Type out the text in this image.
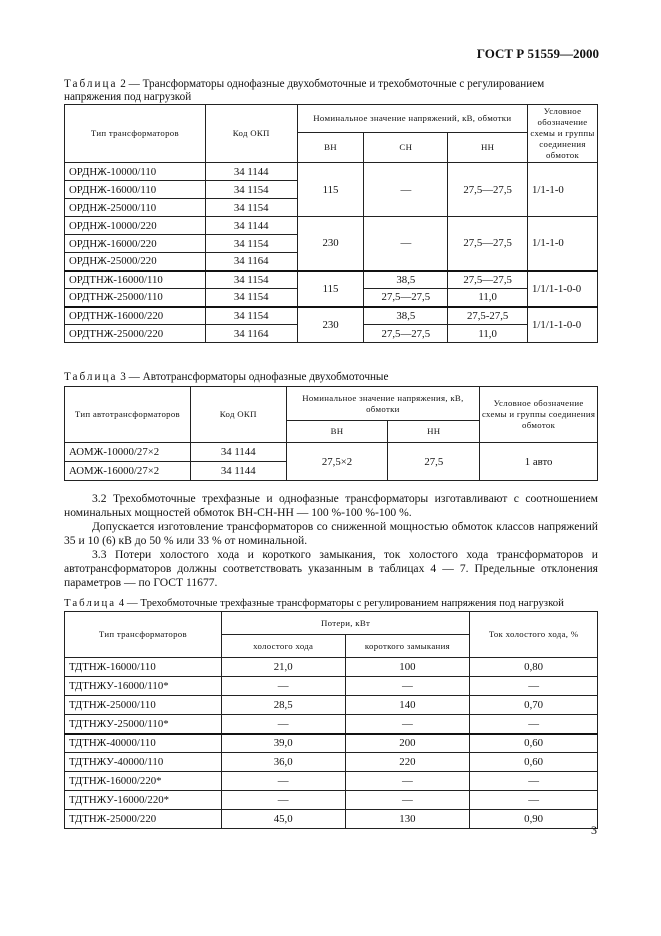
ГОСТ Р 51559—2000
Таблица 2 — Трансформаторы однофазные двухобмоточные и трехобмоточные с регулированием напряжения под нагрузкой
Тип трансформаторов	Код ОКП	Номинальное значение напряжений, кВ, обмотки			Условное обозначение схемы и группы соединения обмоток
		ВН	СН	НН	
ОРДНЖ-10000/110	34 1144	115	—	27,5—27,5	1/1-1-0
ОРДНЖ-16000/110	34 1154				
ОРДНЖ-25000/110	34 1154				
ОРДНЖ-10000/220	34 1144	230	—	27,5—27,5	1/1-1-0
ОРДНЖ-16000/220	34 1154				
ОРДНЖ-25000/220	34 1164				
ОРДТНЖ-16000/110	34 1154	115	38,5	27,5—27,5	1/1/1-1-0-0
ОРДТНЖ-25000/110	34 1154		27,5—27,5	11,0	
ОРДТНЖ-16000/220	34 1154	230	38,5	27,5-27,5	1/1/1-1-0-0
ОРДТНЖ-25000/220	34 1164		27,5—27,5	11,0	
Таблица 3 — Автотрансформаторы однофазные двухобмоточные
Тип автотрансформаторов	Код ОКП	Номинальное значение напряжения, кВ, обмотки		Условное обозначение схемы и группы соединения обмоток
		ВН	НН	
АОМЖ-10000/27×2	34 1144	27,5×2	27,5	1 авто
АОМЖ-16000/27×2	34 1144			

3.2 Трехобмоточные трехфазные и однофазные трансформаторы изготавливают с соотношением номинальных мощностей обмоток ВН-СН-НН — 100 %-100 %-100 %.

Допускается изготовление трансформаторов со сниженной мощностью обмоток классов напряжений 35 и 10 (6) кВ до 50 % или 33 % от номинальной.

3.3 Потери холостого хода и короткого замыкания, ток холостого хода трансформаторов и автотрансформаторов должны соответствовать указанным в таблицах 4 — 7. Предельные отклонения параметров — по ГОСТ 11677.

Таблица 4 — Трехобмоточные трехфазные трансформаторы с регулированием напряжения под нагрузкой
Тип трансформаторов	Потери, кВт		Ток холостого хода, %
	холостого хода	короткого замыкания	
ТДТНЖ-16000/110	21,0	100	0,80
ТДТНЖУ-16000/110*	—	—	—
ТДТНЖ-25000/110	28,5	140	0,70
ТДТНЖУ-25000/110*	—	—	—
ТДТНЖ-40000/110	39,0	200	0,60
ТДТНЖУ-40000/110	36,0	220	0,60
ТДТНЖ-16000/220*	—	—	—
ТДТНЖУ-16000/220*	—	—	—
ТДТНЖ-25000/220	45,0	130	0,90
3
